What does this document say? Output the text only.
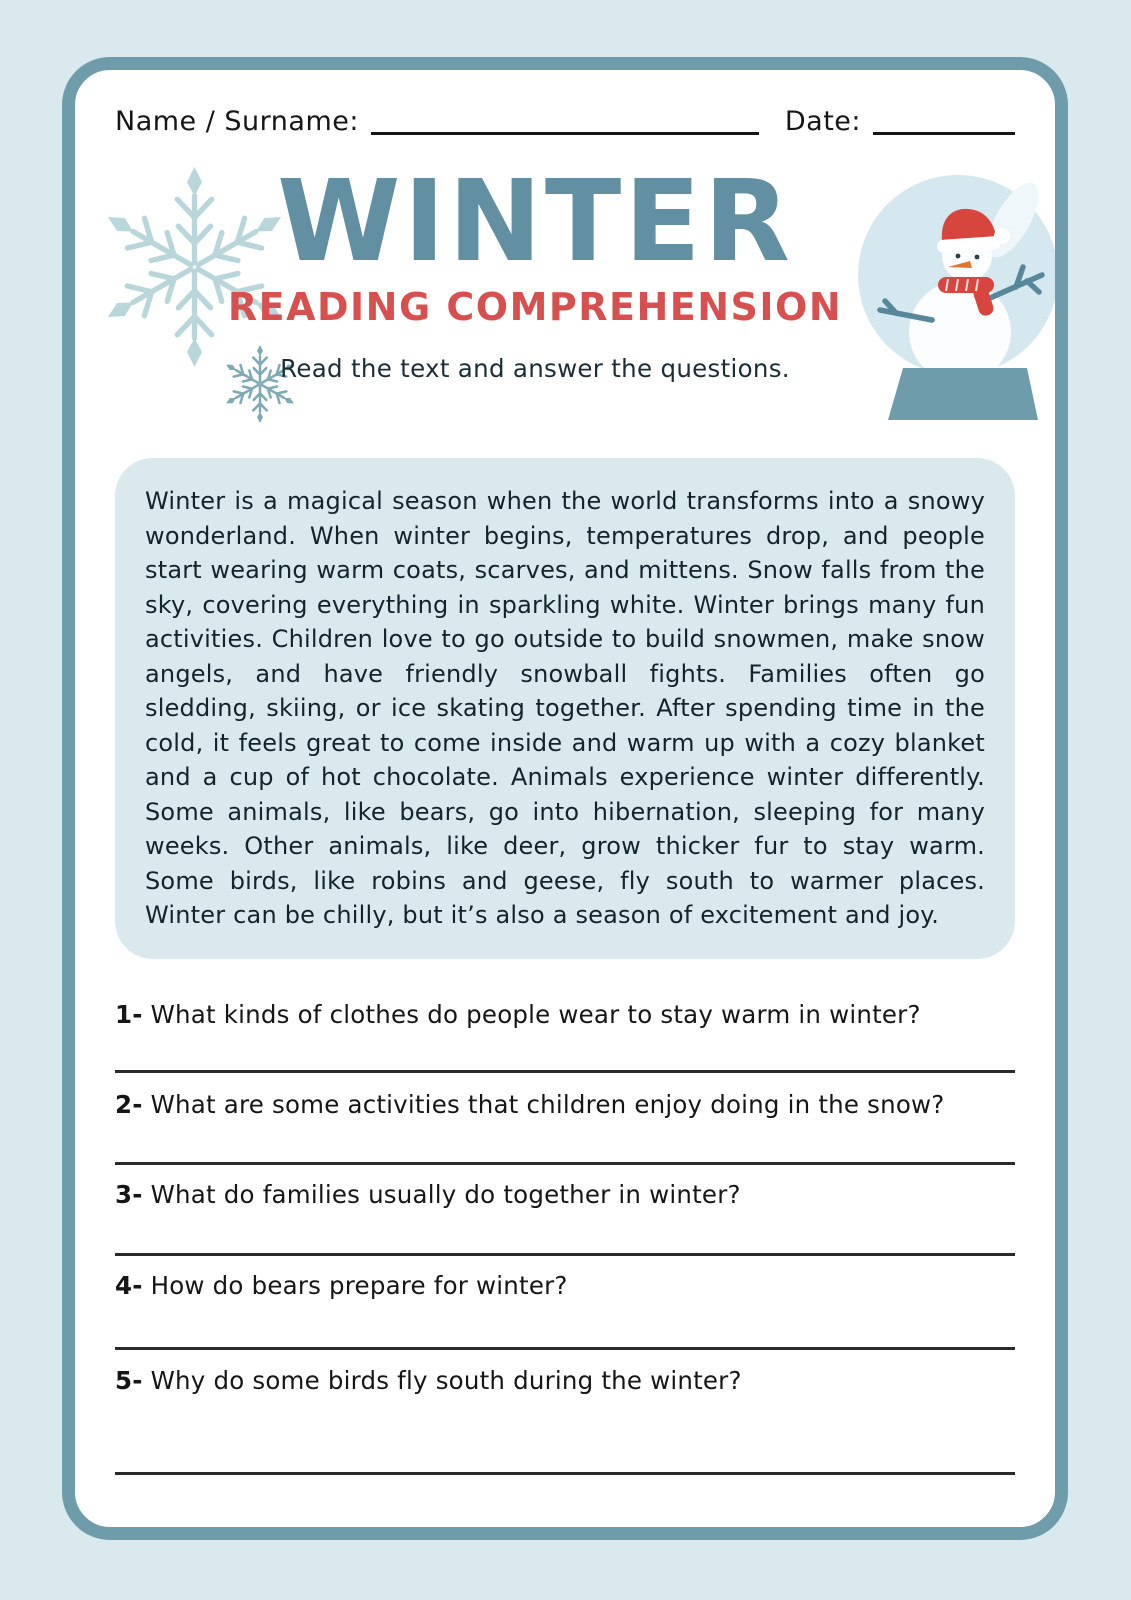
Name / Surname:	Date:
WINTER
READING COMPREHENSION

Read the text and answer the questions.

Winter is a magical season when the world transforms into a snowy wonderland. When winter begins, temperatures drop, and people start wearing warm coats, scarves, and mittens. Snow falls from the sky, covering everything in sparkling white. Winter brings many fun activities. Children love to go outside to build snowmen, make snow angels, and have friendly snowball fights. Families often go sledding, skiing, or ice skating together. After spending time in the cold, it feels great to come inside and warm up with a cozy blanket and a cup of hot chocolate. Animals experience winter differently. Some animals, like bears, go into hibernation, sleeping for many weeks. Other animals, like deer, grow thicker fur to stay warm. Some birds, like robins and geese, fly south to warmer places. Winter can be chilly, but it’s also a season of excitement and joy.
1- What kinds of clothes do people wear to stay warm in winter?
2- What are some activities that children enjoy doing in the snow?
3- What do families usually do together in winter?
4- How do bears prepare for winter?
5- Why do some birds fly south during the winter?
